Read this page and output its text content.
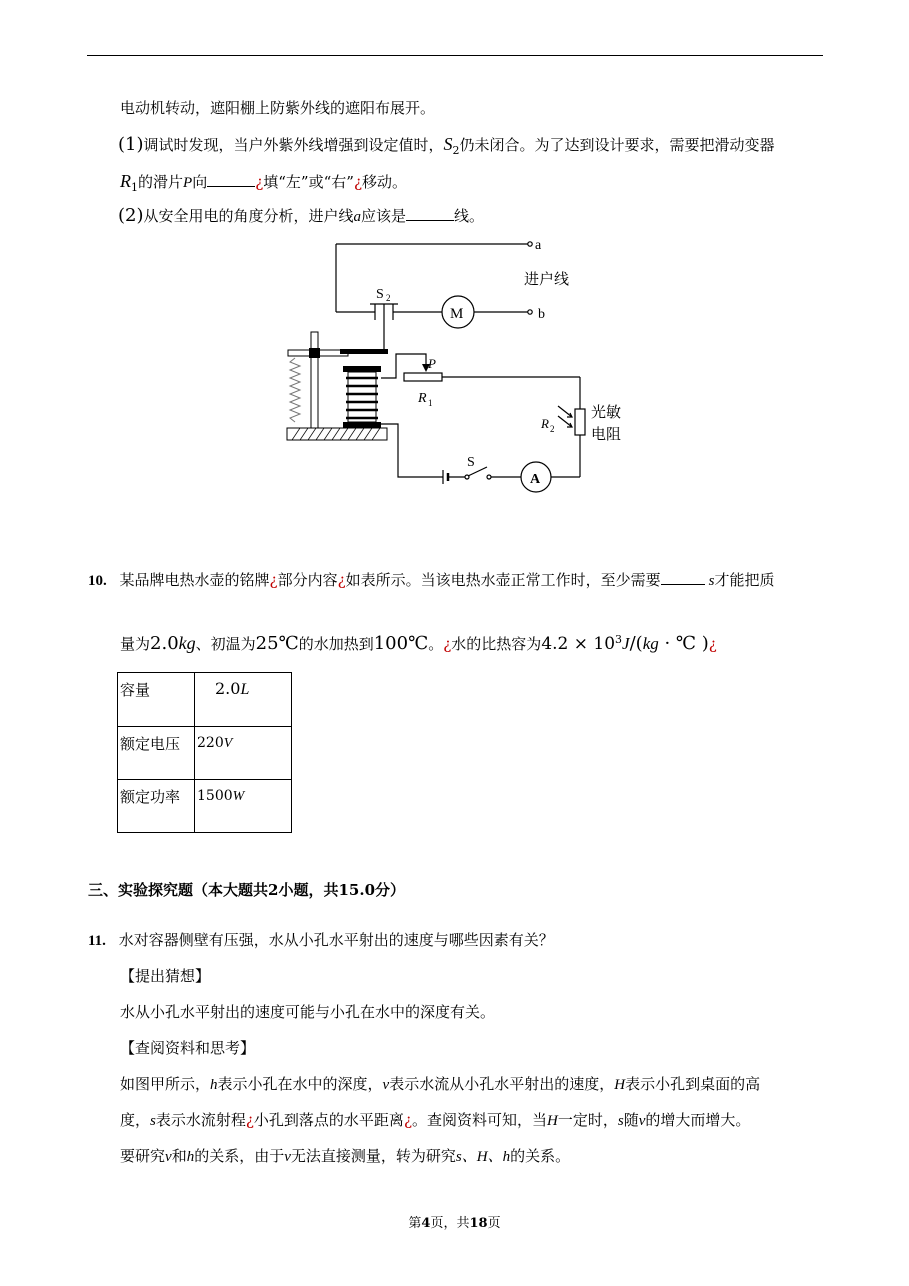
电动机转动，遮阳棚上防紫外线的遮阳布展开。
(1)调试时发现，当户外紫外线增强到设定值时，$S_2$仍未闭合。为了达到设计要求，需要把滑动变器
$R_1$的滑片P向	¿填“左”或“右”¿移动。
(2)从安全用电的角度分析，进户线a应该是	线。
a
b
进户线
S 2
M
P
R 1
R 2
光敏
电阻
S
A
10. 某品牌电热水壶的铭牌¿部分内容¿如表所示。当该电热水壶正常工作时，至少需要	s才能把质
量为2.0kg、初温为25℃的水加热到100℃。¿水的比热容为$4.2 \times 10^3J/(kg$ · ℃ )¿
容量	2.0L
额定电压	220V
额定功率	1500W
三、实验探究题（本大题共2小题，共15.0分）
11. 水对容器侧壁有压强，水从小孔水平射出的速度与哪些因素有关？
【提出猜想】
水从小孔水平射出的速度可能与小孔在水中的深度有关。
【查阅资料和思考】
如图甲所示，h表示小孔在水中的深度，v表示水流从小孔水平射出的速度，H表示小孔到桌面的高
度，s表示水流射程¿小孔到落点的水平距离¿。查阅资料可知，当H一定时，s随v的增大而增大。
要研究v和h的关系，由于v无法直接测量，转为研究s、H、h的关系。
第4页，共18页
